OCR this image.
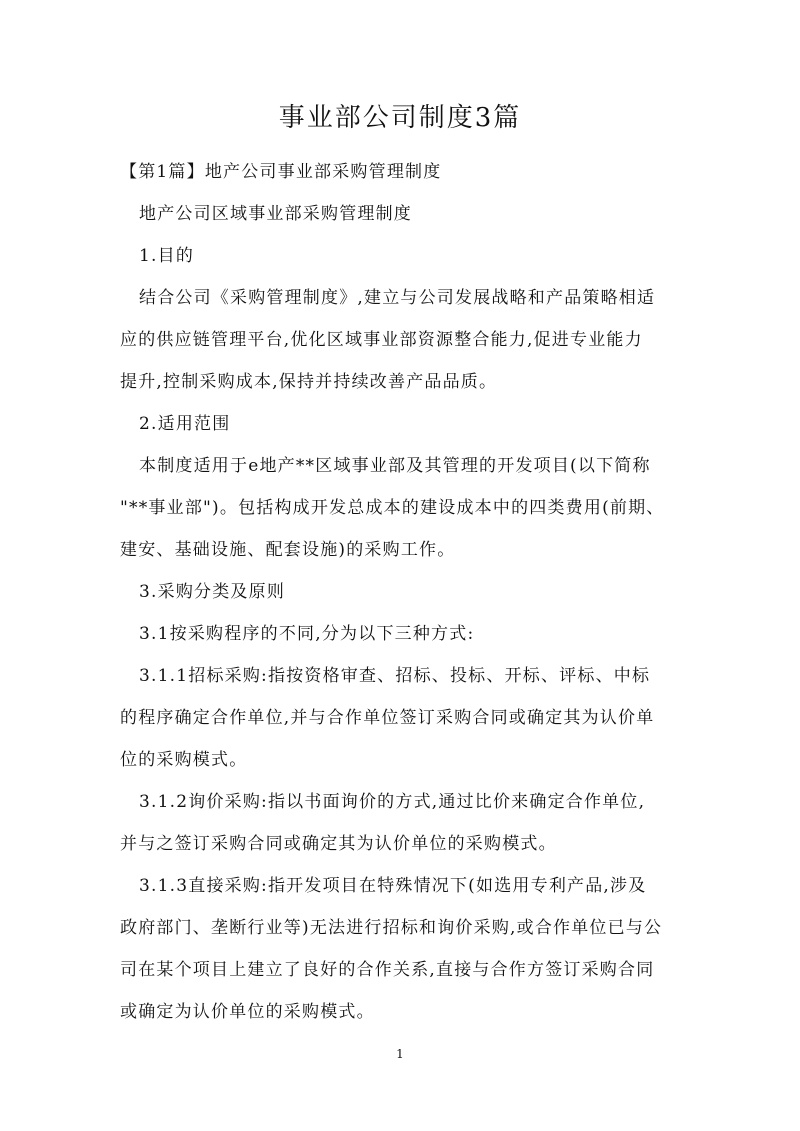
事业部公司制度3篇

【第1篇】地产公司事业部采购管理制度

地产公司区域事业部采购管理制度

1.目的

结合公司《采购管理制度》,建立与公司发展战略和产品策略相适

应的供应链管理平台,优化区域事业部资源整合能力,促进专业能力

提升,控制采购成本,保持并持续改善产品品质。

2.适用范围

本制度适用于e地产**区域事业部及其管理的开发项目(以下简称

"**事业部")。包括构成开发总成本的建设成本中的四类费用(前期、

建安、基础设施、配套设施)的采购工作。

3.采购分类及原则

3.1按采购程序的不同,分为以下三种方式:

3.1.1招标采购:指按资格审查、招标、投标、开标、评标、中标

的程序确定合作单位,并与合作单位签订采购合同或确定其为认价单

位的采购模式。

3.1.2询价采购:指以书面询价的方式,通过比价来确定合作单位,

并与之签订采购合同或确定其为认价单位的采购模式。

3.1.3直接采购:指开发项目在特殊情况下(如选用专利产品,涉及

政府部门、垄断行业等)无法进行招标和询价采购,或合作单位已与公

司在某个项目上建立了良好的合作关系,直接与合作方签订采购合同

或确定为认价单位的采购模式。

1
